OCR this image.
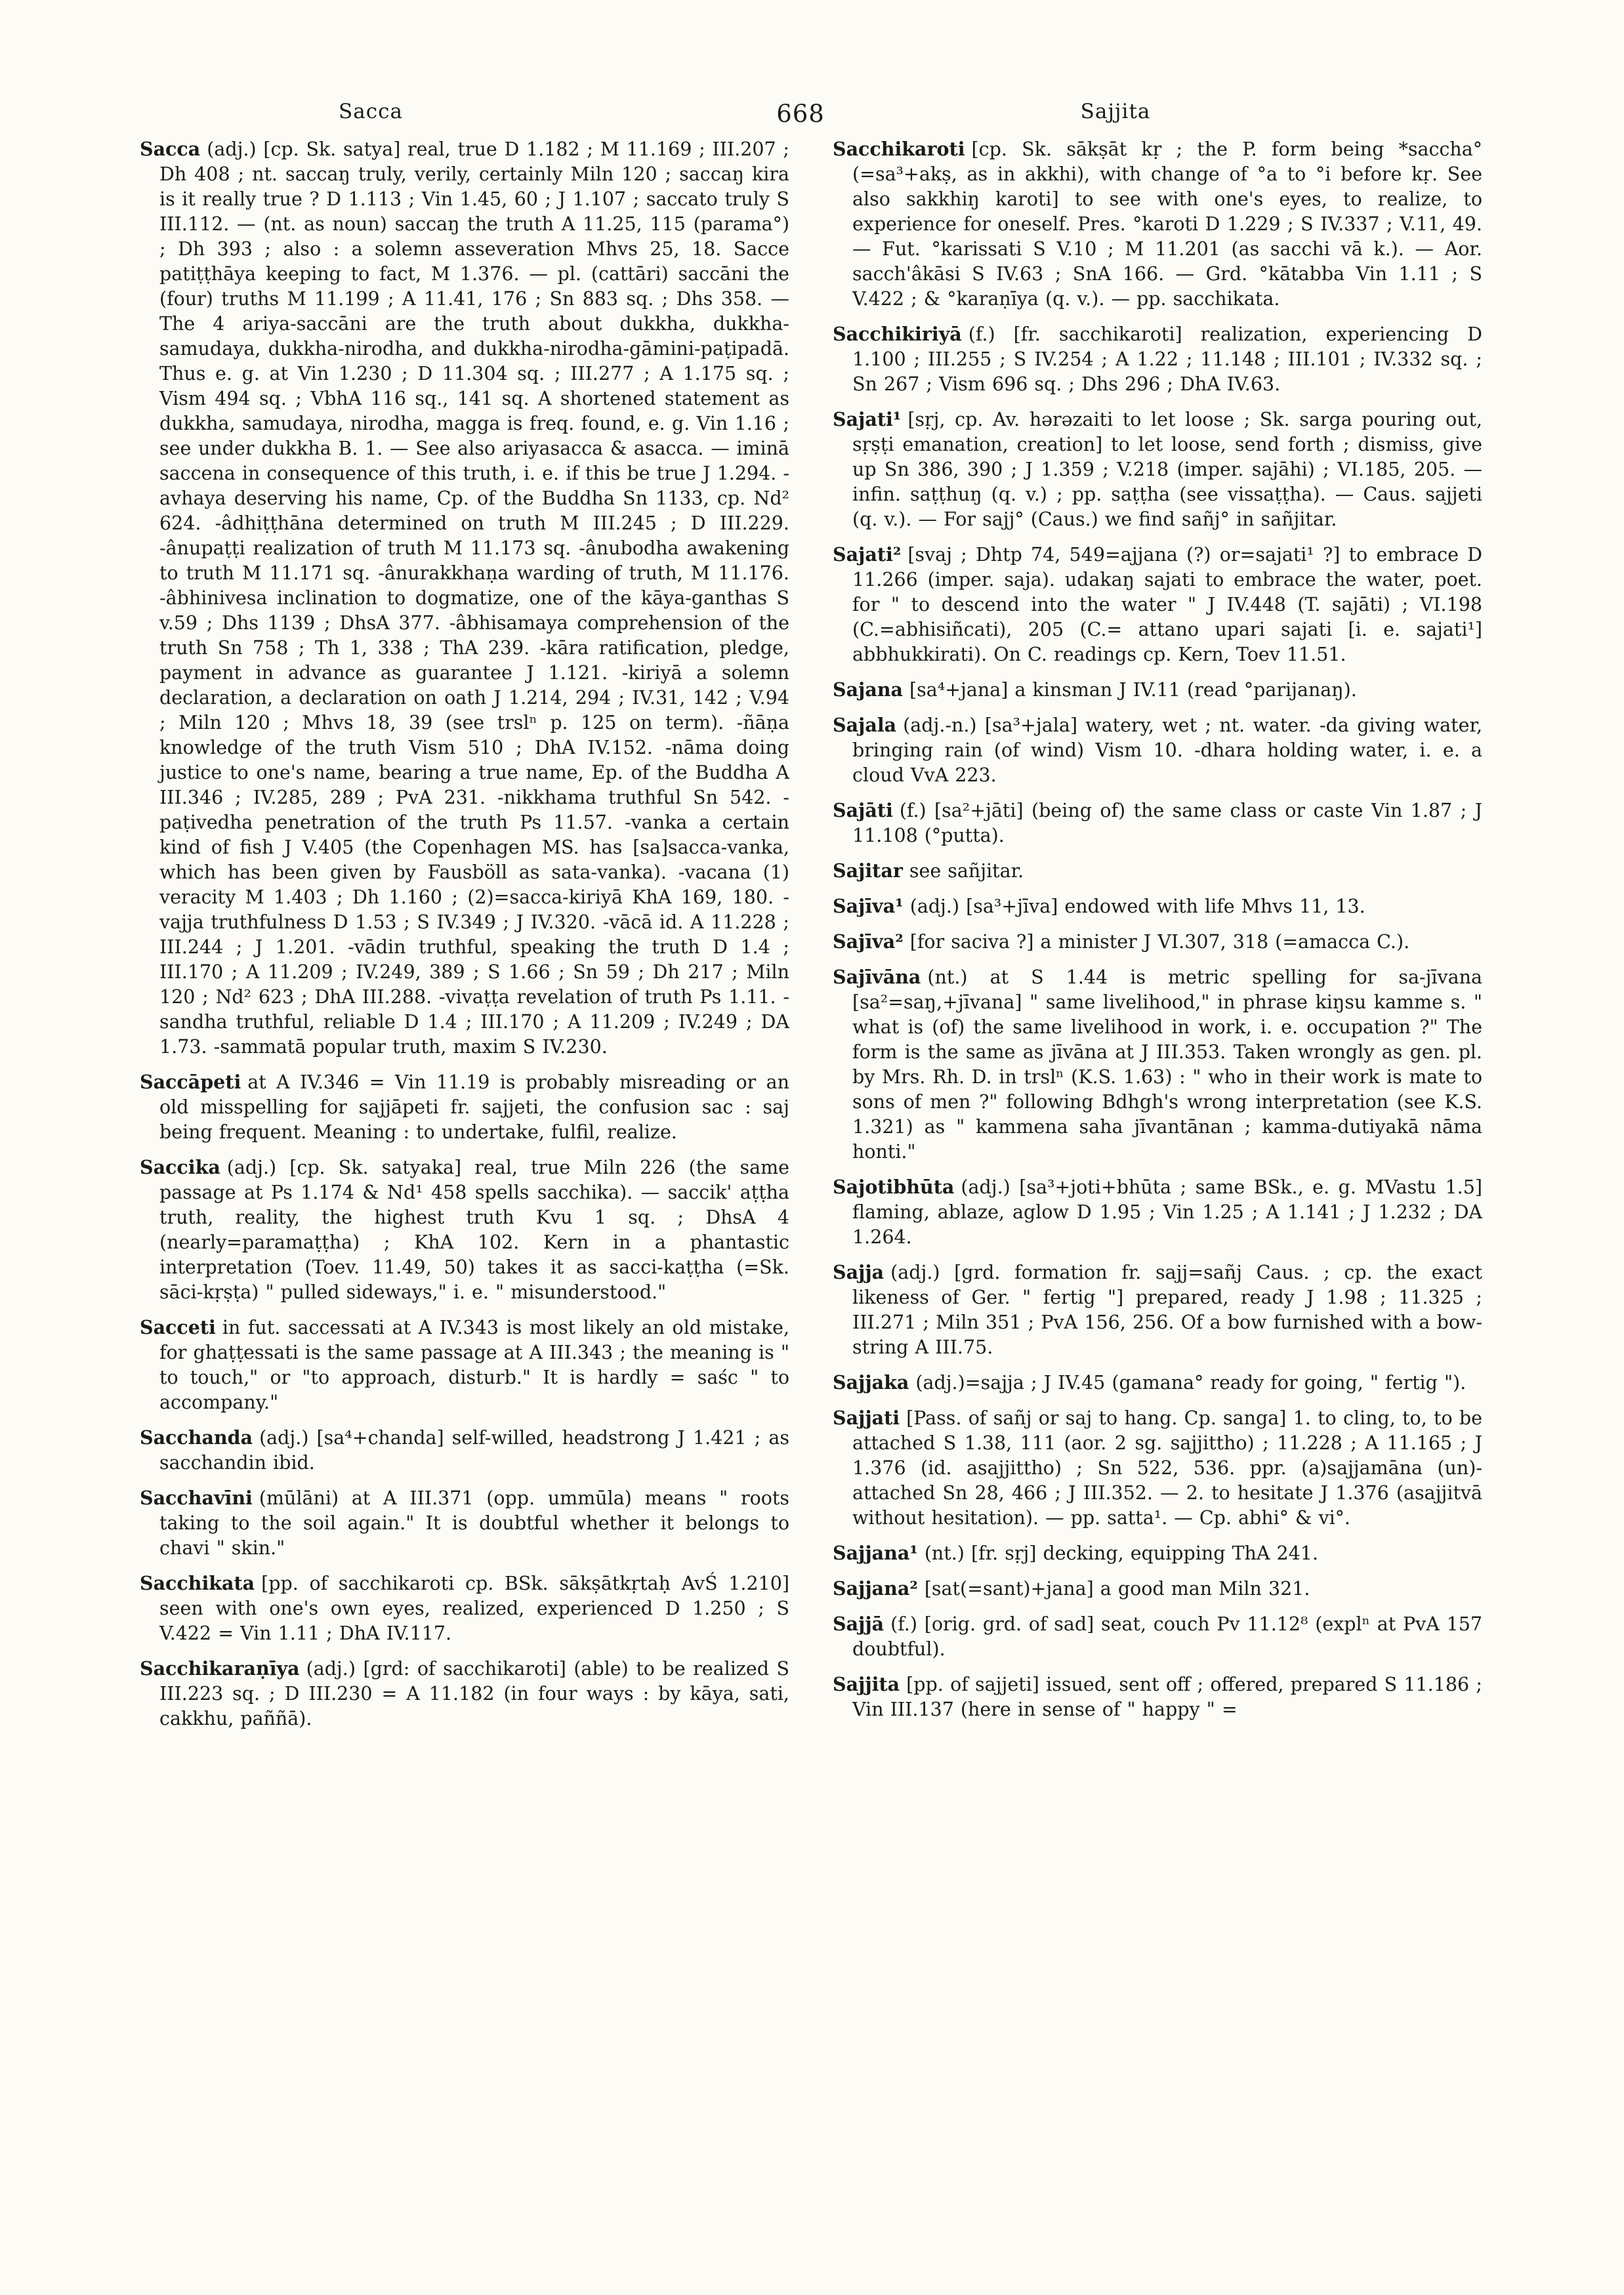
Sacca	668	Sajjita

Sacca (adj.) [cp. Sk. satya] real, true D 1.182 ; M 11.169 ; III.207 ; Dh 408 ; nt. saccaŋ truly, verily, certainly Miln 120 ; saccaŋ kira is it really true ? D 1.113 ; Vin 1.45, 60 ; J 1.107 ; saccato truly S III.112. — (nt. as noun) saccaŋ the truth A 11.25, 115 (parama°) ; Dh 393 ; also : a solemn asseveration Mhvs 25, 18. Sacce patiṭṭhāya keeping to fact, M 1.376. — pl. (cattāri) saccāni the (four) truths M 11.199 ; A 11.41, 176 ; Sn 883 sq. ; Dhs 358. — The 4 ariya-saccāni are the truth about dukkha, dukkha-samudaya, dukkha-nirodha, and dukkha-nirodha-gāmini-paṭipadā. Thus e. g. at Vin 1.230 ; D 11.304 sq. ; III.277 ; A 1.175 sq. ; Vism 494 sq. ; VbhA 116 sq., 141 sq. A shortened statement as dukkha, samudaya, nirodha, magga is freq. found, e. g. Vin 1.16 ; see under dukkha B. 1. — See also ariyasacca & asacca. — iminā saccena in consequence of this truth, i. e. if this be true J 1.294. -avhaya deserving his name, Cp. of the Buddha Sn 1133, cp. Nd² 624. -âdhiṭṭhāna determined on truth M III.245 ; D III.229. -ânupaṭṭi realization of truth M 11.173 sq. -ânubodha awakening to truth M 11.171 sq. -ânurakkhaṇa warding of truth, M 11.176. -âbhinivesa inclination to dogmatize, one of the kāya-ganthas S v.59 ; Dhs 1139 ; DhsA 377. -âbhisamaya comprehension of the truth Sn 758 ; Th 1, 338 ; ThA 239. -kāra ratification, pledge, payment in advance as guarantee J 1.121. -kiriyā a solemn declaration, a declaration on oath J 1.214, 294 ; IV.31, 142 ; V.94 ; Miln 120 ; Mhvs 18, 39 (see trslⁿ p. 125 on term). -ñāṇa knowledge of the truth Vism 510 ; DhA IV.152. -nāma doing justice to one's name, bearing a true name, Ep. of the Buddha A III.346 ; IV.285, 289 ; PvA 231. -nikkhama truthful Sn 542. -paṭivedha penetration of the truth Ps 11.57. -vanka a certain kind of fish J V.405 (the Copenhagen MS. has [sa]sacca-vanka, which has been given by Fausböll as sata-vanka). -vacana (1) veracity M 1.403 ; Dh 1.160 ; (2)=sacca-kiriyā KhA 169, 180. -vajja truthfulness D 1.53 ; S IV.349 ; J IV.320. -vācā id. A 11.228 ; III.244 ; J 1.201. -vādin truthful, speaking the truth D 1.4 ; III.170 ; A 11.209 ; IV.249, 389 ; S 1.66 ; Sn 59 ; Dh 217 ; Miln 120 ; Nd² 623 ; DhA III.288. -vivaṭṭa revelation of truth Ps 1.11. -sandha truthful, reliable D 1.4 ; III.170 ; A 11.209 ; IV.249 ; DA 1.73. -sammatā popular truth, maxim S IV.230.

Saccāpeti at A IV.346 = Vin 11.19 is probably misreading or an old misspelling for sajjāpeti fr. sajjeti, the confusion sac : saj being frequent. Meaning : to undertake, fulfil, realize.

Saccika (adj.) [cp. Sk. satyaka] real, true Miln 226 (the same passage at Ps 1.174 & Nd¹ 458 spells sacchika). — saccik' aṭṭha truth, reality, the highest truth Kvu 1 sq. ; DhsA 4 (nearly=paramaṭṭha) ; KhA 102. Kern in a phantastic interpretation (Toev. 11.49, 50) takes it as sacci-kaṭṭha (=Sk. sāci-kṛṣṭa) " pulled sideways," i. e. " misunderstood."

Sacceti in fut. saccessati at A IV.343 is most likely an old mistake, for ghaṭṭessati is the same passage at A III.343 ; the meaning is " to touch," or "to approach, disturb." It is hardly = saśc " to accompany."

Sacchanda (adj.) [sa⁴+chanda] self-willed, headstrong J 1.421 ; as sacchandin ibid.

Sacchavīni (mūlāni) at A III.371 (opp. ummūla) means " roots taking to the soil again." It is doubtful whether it belongs to chavi " skin."

Sacchikata [pp. of sacchikaroti cp. BSk. sākṣātkṛtaḥ AvŚ 1.210] seen with one's own eyes, realized, experienced D 1.250 ; S V.422 = Vin 1.11 ; DhA IV.117.

Sacchikaraṇīya (adj.) [grd: of sacchikaroti] (able) to be realized S III.223 sq. ; D III.230 = A 11.182 (in four ways : by kāya, sati, cakkhu, paññā).

Sacchikaroti [cp. Sk. sākṣāt kṛ ; the P. form being *saccha° (=sa³+akṣ, as in akkhi), with change of °a to °i before kṛ. See also sakkhiŋ karoti] to see with one's eyes, to realize, to experience for oneself. Pres. °karoti D 1.229 ; S IV.337 ; V.11, 49. — Fut. °karissati S V.10 ; M 11.201 (as sacchi vā k.). — Aor. sacch'âkāsi S IV.63 ; SnA 166. — Grd. °kātabba Vin 1.11 ; S V.422 ; & °karaṇīya (q. v.). — pp. sacchikata.

Sacchikiriyā (f.) [fr. sacchikaroti] realization, experiencing D 1.100 ; III.255 ; S IV.254 ; A 1.22 ; 11.148 ; III.101 ; IV.332 sq. ; Sn 267 ; Vism 696 sq. ; Dhs 296 ; DhA IV.63.

Sajati¹ [sṛj, cp. Av. hərəzaiti to let loose ; Sk. sarga pouring out, sṛṣṭi emanation, creation] to let loose, send forth ; dismiss, give up Sn 386, 390 ; J 1.359 ; V.218 (imper. sajāhi) ; VI.185, 205. — infin. saṭṭhuŋ (q. v.) ; pp. saṭṭha (see vissaṭṭha). — Caus. sajjeti (q. v.). — For sajj° (Caus.) we find sañj° in sañjitar.

Sajati² [svaj ; Dhtp 74, 549=ajjana (?) or=sajati¹ ?] to embrace D 11.266 (imper. saja). udakaŋ sajati to embrace the water, poet. for " to descend into the water " J IV.448 (T. sajāti) ; VI.198 (C.=abhisiñcati), 205 (C.= attano upari sajati [i. e. sajati¹] abbhukkirati). On C. readings cp. Kern, Toev 11.51.

Sajana [sa⁴+jana] a kinsman J IV.11 (read °parijanaŋ).

Sajala (adj.-n.) [sa³+jala] watery, wet ; nt. water. -da giving water, bringing rain (of wind) Vism 10. -dhara holding water, i. e. a cloud VvA 223.

Sajāti (f.) [sa²+jāti] (being of) the same class or caste Vin 1.87 ; J 11.108 (°putta).

Sajitar see sañjitar.

Sajīva¹ (adj.) [sa³+jīva] endowed with life Mhvs 11, 13.

Sajīva² [for saciva ?] a minister J VI.307, 318 (=amacca C.).

Sajīvāna (nt.) at S 1.44 is metric spelling for sa-jīvana [sa²=saŋ,+jīvana] " same livelihood," in phrase kiŋsu kamme s. " what is (of) the same livelihood in work, i. e. occupation ?" The form is the same as jīvāna at J III.353. Taken wrongly as gen. pl. by Mrs. Rh. D. in trslⁿ (K.S. 1.63) : " who in their work is mate to sons of men ?" following Bdhgh's wrong interpretation (see K.S. 1.321) as " kammena saha jīvantānan ; kamma-dutiyakā nāma honti."

Sajotibhūta (adj.) [sa³+joti+bhūta ; same BSk., e. g. MVastu 1.5] flaming, ablaze, aglow D 1.95 ; Vin 1.25 ; A 1.141 ; J 1.232 ; DA 1.264.

Sajja (adj.) [grd. formation fr. sajj=sañj Caus. ; cp. the exact likeness of Ger. " fertig "] prepared, ready J 1.98 ; 11.325 ; III.271 ; Miln 351 ; PvA 156, 256. Of a bow furnished with a bow-string A III.75.

Sajjaka (adj.)=sajja ; J IV.45 (gamana° ready for going, " fertig ").

Sajjati [Pass. of sañj or saj to hang. Cp. sanga] 1. to cling, to, to be attached S 1.38, 111 (aor. 2 sg. sajjittho) ; 11.228 ; A 11.165 ; J 1.376 (id. asajjittho) ; Sn 522, 536. ppr. (a)sajjamāna (un)-attached Sn 28, 466 ; J III.352. — 2. to hesitate J 1.376 (asajjitvā without hesitation). — pp. satta¹. — Cp. abhi° & vi°.

Sajjana¹ (nt.) [fr. sṛj] decking, equipping ThA 241.

Sajjana² [sat(=sant)+jana] a good man Miln 321.

Sajjā (f.) [orig. grd. of sad] seat, couch Pv 11.12⁸ (explⁿ at PvA 157 doubtful).

Sajjita [pp. of sajjeti] issued, sent off ; offered, prepared S 11.186 ; Vin III.137 (here in sense of " happy " =
